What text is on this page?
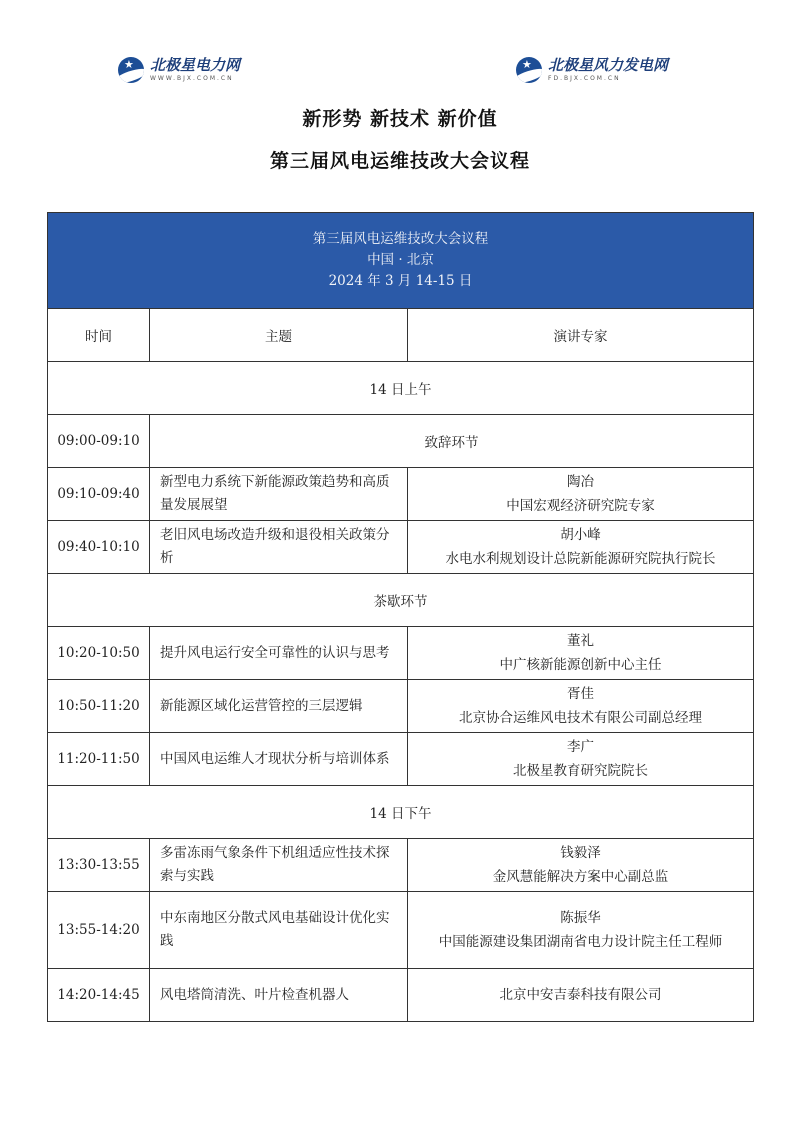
★
北极星电力网
WWW.BJX.COM.CN
★
北极星风力发电网
FD.BJX.COM.CN
新形势 新技术 新价值
第三届风电运维技改大会议程
第三届风电运维技改大会议程
中国 · 北京
2024 年 3 月 14-15 日		

时间	主题	演讲专家
14 日上午		
09:00-09:10	致辞环节	
09:10-09:40	新型电力系统下新能源政策趋势和高质量发展展望	陶冶
中国宏观经济研究院专家

09:40-10:10	老旧风电场改造升级和退役相关政策分析	胡小峰
水电水利规划设计总院新能源研究院执行院长

茶歇环节		
10:20-10:50	提升风电运行安全可靠性的认识与思考	董礼
中广核新能源创新中心主任

10:50-11:20	新能源区域化运营管控的三层逻辑	胥佳
北京协合运维风电技术有限公司副总经理

11:20-11:50	中国风电运维人才现状分析与培训体系	李广
北极星教育研究院院长

14 日下午		
13:30-13:55	多雷冻雨气象条件下机组适应性技术探索与实践	钱毅泽
金风慧能解决方案中心副总监

13:55-14:20	中东南地区分散式风电基础设计优化实践	陈振华
中国能源建设集团湖南省电力设计院主任工程师

14:20-14:45	风电塔筒清洗、叶片检查机器人	北京中安吉泰科技有限公司
